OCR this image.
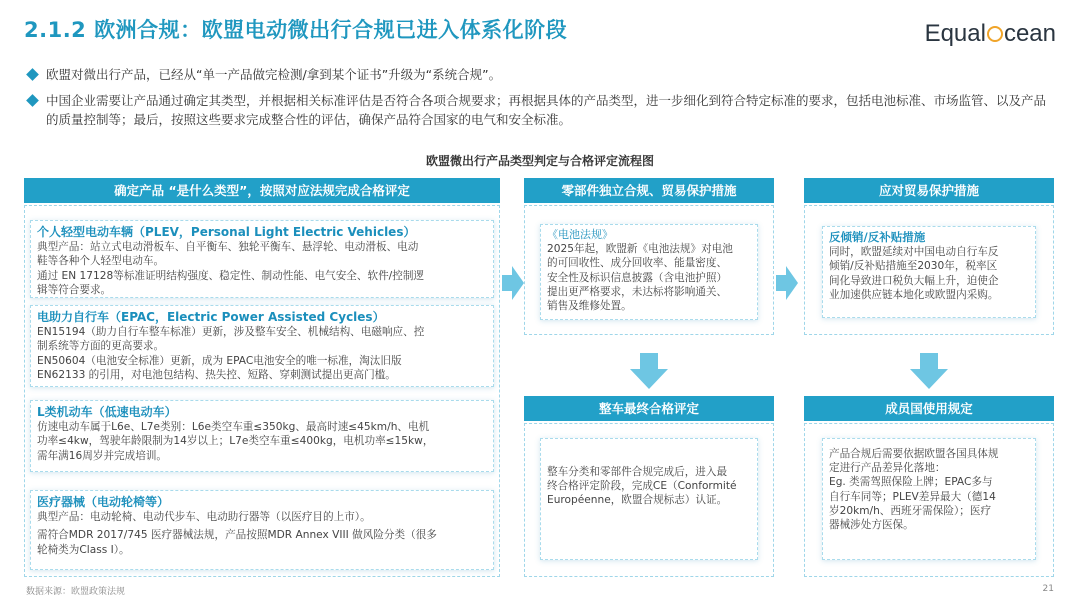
2.1.2 欧洲合规：欧盟电动微出行合规已进入体系化阶段	Equal cean
欧盟对微出行产品，已经从“单一产品做完检测/拿到某个证书”升级为“系统合规”。
中国企业需要让产品通过确定其类型，并根据相关标准评估是否符合各项合规要求；再根据具体的产品类型，进一步细化到符合特定标准的要求，包括电池标准、市场监管、以及产品的质量控制等；最后，按照这些要求完成整合性的评估，确保产品符合国家的电气和安全标准。
欧盟微出行产品类型判定与合格评定流程图
确定产品 “是什么类型”，按照对应法规完成合格评定
个人轻型电动车辆（PLEV，Personal Light Electric Vehicles）
典型产品：站立式电动滑板车、自平衡车、独轮平衡车、悬浮轮、电动滑板、电动
鞋等各种个人轻型电动车。
通过 EN 17128等标准证明结构强度、稳定性、制动性能、电气安全、软件/控制逻
辑等符合要求。
电助力自行车（EPAC，Electric Power Assisted Cycles）
EN15194（助力自行车整车标准）更新，涉及整车安全、机械结构、电磁响应、控
制系统等方面的更高要求。
EN50604（电池安全标准）更新，成为 EPAC电池安全的唯一标准，淘汰旧版
EN62133 的引用，对电池包结构、热失控、短路、穿刺测试提出更高门槛。
L类机动车（低速电动车）
仿速电动车属于L6e、L7e类别：L6e类空车重≤350kg、最高时速≤45km/h、电机
功率≤4kw，驾驶年龄限制为14岁以上；L7e类空车重≤400kg，电机功率≤15kw，
需年满16周岁并完成培训。
医疗器械（电动轮椅等）
典型产品：电动轮椅、电动代步车、电动助行器等（以医疗目的上市）。
需符合MDR 2017/745 医疗器械法规，产品按照MDR Annex VIII 做风险分类（很多
轮椅类为Class I）。
零部件独立合规、贸易保护措施
《电池法规》
2025年起，欧盟新《电池法规》对电池
的可回收性、成分回收率、能量密度、
安全性及标识信息披露（含电池护照）
提出更严格要求，未达标将影响通关、
销售及维修处置。
整车最终合格评定
整车分类和零部件合规完成后，进入最
终合格评定阶段，完成CE（Conformité
Européenne，欧盟合规标志）认证。
应对贸易保护措施
反倾销/反补贴措施
同时，欧盟延续对中国电动自行车反
倾销/反补贴措施至2030年，税率区
间化导致进口税负大幅上升，迫使企
业加速供应链本地化或欧盟内采购。
成员国使用规定
产品合规后需要依据欧盟各国具体规
定进行产品差异化落地：
Eg. 类需驾照保险上牌；EPAC多与
自行车同等；PLEV差异最大（德14
岁20km/h、西班牙需保险）；医疗
器械涉处方医保。
数据来源：欧盟政策法规	21
